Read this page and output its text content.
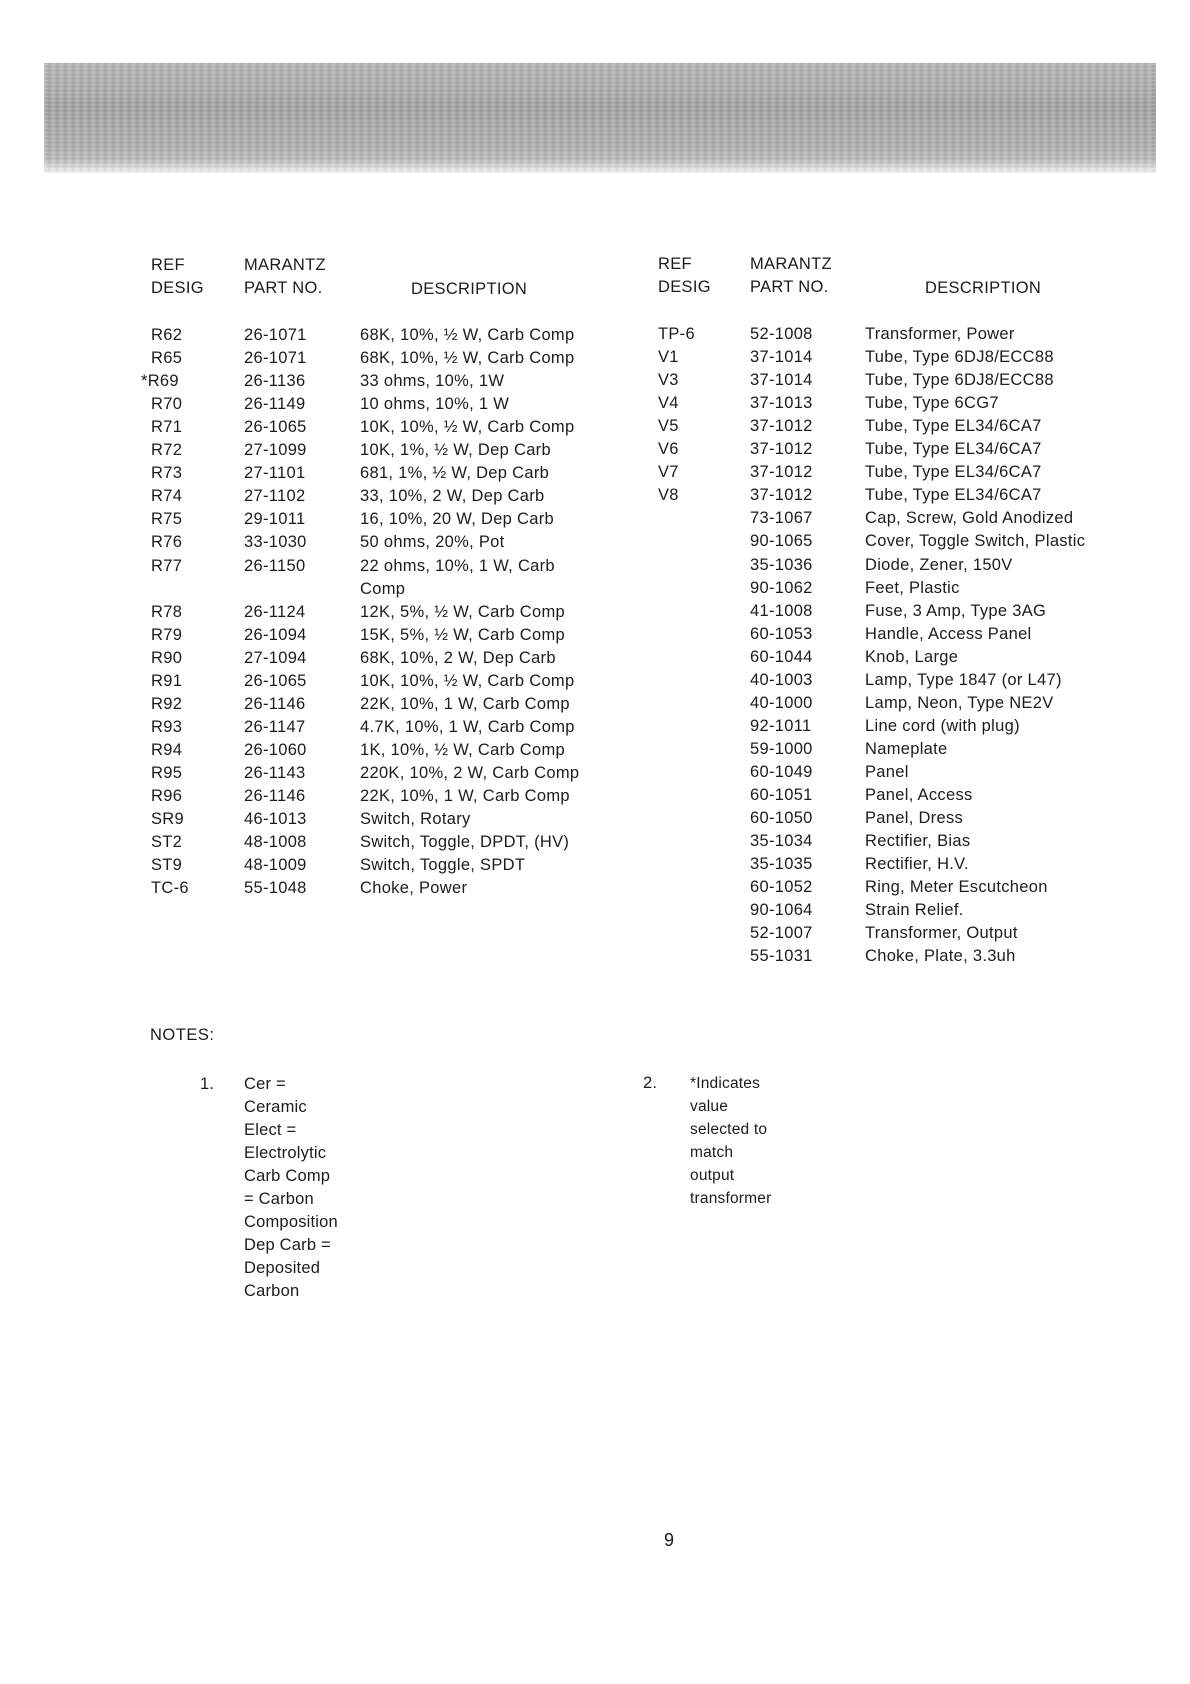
REF
DESIG
MARANTZ
PART NO.	DESCRIPTION
R62	26-1071	68K, 10%, ½ W, Carb Comp
R65	26-1071	68K, 10%, ½ W, Carb Comp
*R69	26-1136	33 ohms, 10%, 1W
R70	26-1149	10 ohms, 10%, 1 W
R71	26-1065	10K, 10%, ½ W, Carb Comp
R72	27-1099	10K, 1%, ½ W, Dep Carb
R73	27-1101	681, 1%, ½ W, Dep Carb
R74	27-1102	33, 10%, 2 W, Dep Carb
R75	29-1011	16, 10%, 20 W, Dep Carb
R76	33-1030	50 ohms, 20%, Pot
R77	26-1150	22 ohms, 10%, 1 W, Carb
Comp
R78	26-1124	12K, 5%, ½ W, Carb Comp
R79	26-1094	15K, 5%, ½ W, Carb Comp
R90	27-1094	68K, 10%, 2 W, Dep Carb
R91	26-1065	10K, 10%, ½ W, Carb Comp
R92	26-1146	22K, 10%, 1 W, Carb Comp
R93	26-1147	4.7K, 10%, 1 W, Carb Comp
R94	26-1060	1K, 10%, ½ W, Carb Comp
R95	26-1143	220K, 10%, 2 W, Carb Comp
R96	26-1146	22K, 10%, 1 W, Carb Comp
SR9	46-1013	Switch, Rotary
ST2	48-1008	Switch, Toggle, DPDT, (HV)
ST9	48-1009	Switch, Toggle, SPDT
TC-6	55-1048	Choke, Power
REF
DESIG
MARANTZ
PART NO.	DESCRIPTION
TP-6	52-1008	Transformer, Power
V1	37-1014	Tube, Type 6DJ8/ECC88
V3	37-1014	Tube, Type 6DJ8/ECC88
V4	37-1013	Tube, Type 6CG7
V5	37-1012	Tube, Type EL34/6CA7
V6	37-1012	Tube, Type EL34/6CA7
V7	37-1012	Tube, Type EL34/6CA7
V8	37-1012	Tube, Type EL34/6CA7
73-1067	Cap, Screw, Gold Anodized
90-1065	Cover, Toggle Switch, Plastic
35-1036	Diode, Zener, 150V
90-1062	Feet, Plastic
41-1008	Fuse, 3 Amp, Type 3AG
60-1053	Handle, Access Panel
60-1044	Knob, Large
40-1003	Lamp, Type 1847 (or L47)
40-1000	Lamp, Neon, Type NE2V
92-1011	Line cord (with plug)
59-1000	Nameplate
60-1049	Panel
60-1051	Panel, Access
60-1050	Panel, Dress
35-1034	Rectifier, Bias
35-1035	Rectifier, H.V.
60-1052	Ring, Meter Escutcheon
90-1064	Strain Relief.
52-1007	Transformer, Output
55-1031	Choke, Plate, 3.3uh
NOTES:
1. Cer = Ceramic
Elect = Electrolytic
Carb Comp = Carbon Composition
Dep Carb = Deposited Carbon
2. *Indicates value selected to match output
transformer
9
